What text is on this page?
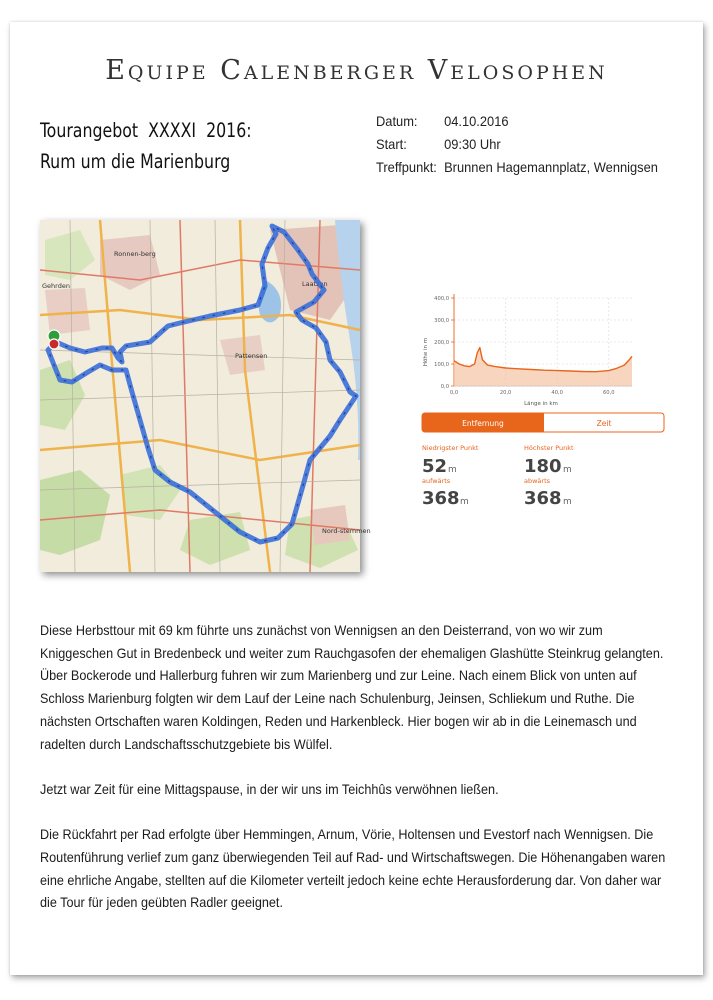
Equipe Calenberger Velosophen
Tourangebot  XXXXI  2016:
Rum um die Marienburg
Datum:	04.10.2016
Start:	09:30 Uhr
Treffpunkt: Brunnen Hagemannplatz, Wennigsen
Ronnen-berg
Gehrden	Laatzen
Pattensen
Nord-stemmen
0,0
100,0
200,0
300,0
400,0
0,0	20,0	40,0	60,0
Höhe in m
Länge in km
Entfernung	Zeit
Niedrigster Punkt
52 m
Höchster Punkt
180 m
aufwärts
368 m
abwärts
368 m

Diese Herbsttour mit 69 km führte uns zunächst von Wennigsen an den Deisterrand, von wo wir zum Kniggeschen Gut in Bredenbeck und weiter zum Rauchgasofen der ehemaligen Glashütte Steinkrug gelangten. Über Bockerode und Hallerburg fuhren wir zum Marienberg und zur Leine. Nach einem Blick von unten auf Schloss Marienburg folgten wir dem Lauf der Leine nach Schulenburg, Jeinsen, Schliekum und Ruthe. Die nächsten Ortschaften waren Koldingen, Reden und Harkenbleck. Hier bogen wir ab in die Leinemasch und radelten durch Landschaftsschutzgebiete bis Wülfel.

Jetzt war Zeit für eine Mittagspause, in der wir uns im Teichhûs verwöhnen ließen.

Die Rückfahrt per Rad erfolgte über Hemmingen, Arnum, Vörie, Holtensen und Evestorf nach Wennigsen. Die Routenführung verlief zum ganz überwiegenden Teil auf Rad- und Wirtschaftswegen. Die Höhenangaben waren eine ehrliche Angabe, stellten auf die Kilometer verteilt jedoch keine echte Herausforderung dar. Von daher war die Tour für jeden geübten Radler geeignet.
